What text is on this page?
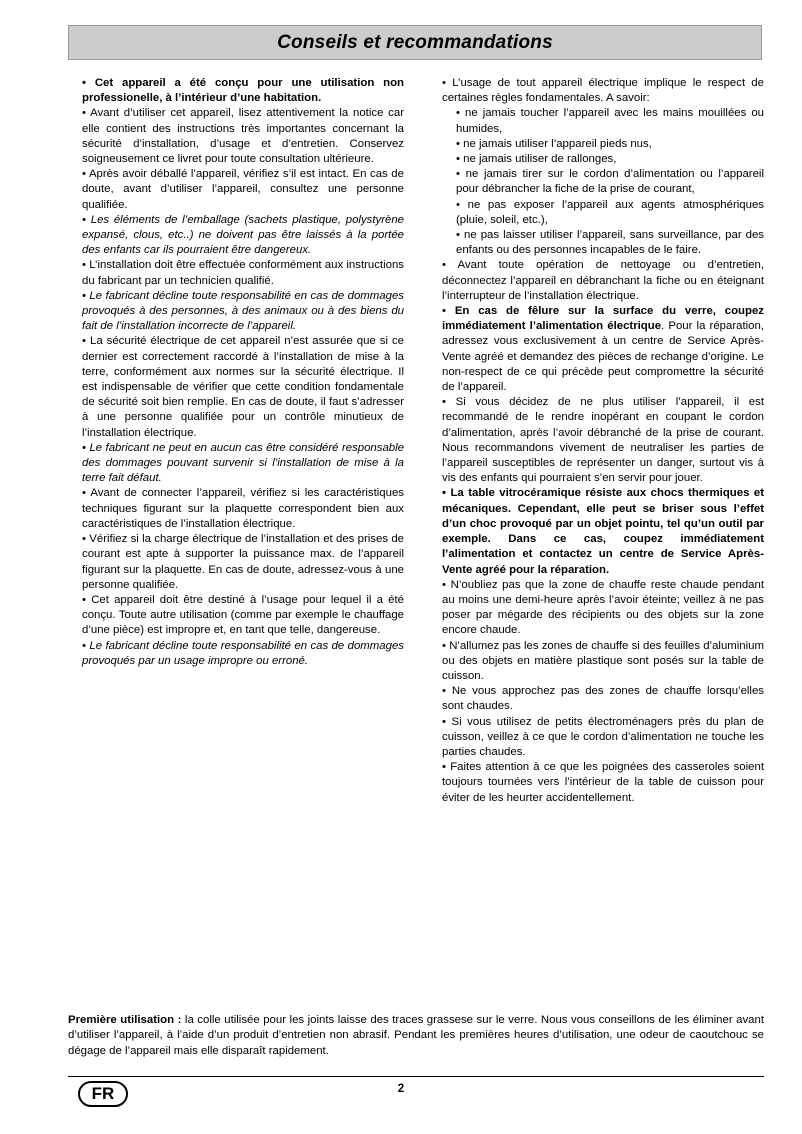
Conseils et recommandations

• Cet appareil a été conçu pour une utilisation non professionelle, à l’intérieur d’une habitation.

• Avant d’utiliser cet appareil, lisez attentivement la notice car elle contient des instructions très importantes concernant la sécurité d’installation, d’usage et d’entretien. Conservez soigneusement ce livret pour toute consultation ultérieure.

• Après avoir déballé l’appareil, vérifiez s’il est intact. En cas de doute, avant d’utiliser l’appareil, consultez une personne qualifiée.

• Les éléments de l’emballage (sachets plastique, polystyrène expansé, clous, etc..) ne doivent pas être laissés à la portée des enfants car ils pourraient être dangereux.

• L’installation doit être effectuée conformément aux instructions du fabricant par un technicien qualifié.

• Le fabricant décline toute responsabilité en cas de dommages provoqués à des personnes, à des animaux ou à des biens du fait de l’installation incorrecte de l’appareil.

• La sécurité électrique de cet appareil n’est assurée que si ce dernier est correctement raccordé à l’installation de mise à la terre, conformément aux normes sur la sécurité électrique. Il est indispensable de vérifier que cette condition fondamentale de sécurité soit bien remplie. En cas de doute, il faut s’adresser à une personne qualifiée pour un contrôle minutieux de l’installation électrique.

• Le fabricant ne peut en aucun cas être considéré responsable des dommages pouvant survenir si l’installation de mise à la terre fait défaut.

• Avant de connecter l’appareil, vérifiez si les caractéristiques techniques figurant sur la plaquette correspondent bien aux caractéristiques de l’installation électrique.

• Vérifiez si la charge électrique de l’installation et des prises de courant est apte à supporter la puissance max. de l’appareil figurant sur la plaquette. En cas de doute, adressez-vous à une personne qualifiée.

• Cet appareil doit être destiné à l’usage pour lequel il a été conçu. Toute autre utilisation (comme par exemple le chauffage d’une pièce) est impropre et, en tant que telle, dangereuse.

• Le fabricant décline toute responsabilité en cas de dommages provoqués par un usage impropre ou erroné.

• L’usage de tout appareil électrique implique le respect de certaines règles fondamentales. A savoir:

• ne jamais toucher l’appareil avec les mains mouillées ou humides,

• ne jamais utiliser l’appareil pieds nus,

• ne jamais utiliser de rallonges,

• ne jamais tirer sur le cordon d’alimentation ou l’appareil pour débrancher la fiche de la prise de courant,

• ne pas exposer l’appareil aux agents atmosphériques (pluie, soleil, etc.),

• ne pas laisser utiliser l’appareil, sans surveillance, par des enfants ou des personnes incapables de le faire.

• Avant toute opération de nettoyage ou d’entretien, déconnectez l’appareil en débranchant la fiche ou en éteignant l’interrupteur de l’installation électrique.

• En cas de fêlure sur la surface du verre, coupez immédiatement l’alimentation électrique. Pour la réparation, adressez vous exclusivement à un centre de Service Après-Vente agréé et demandez des pièces de rechange d’origine. Le non-respect de ce qui précède peut compromettre la sécurité de l’appareil.

• Si vous décidez de ne plus utiliser l’appareil, il est recommandé de le rendre inopérant en coupant le cordon d’alimentation, après l’avoir débranché de la prise de courant. Nous recommandons vivement de neutraliser les parties de l’appareil susceptibles de représenter un danger, surtout vis à vis des enfants qui pourraient s’en servir pour jouer.

• La table vitrocéramique résiste aux chocs thermiques et mécaniques. Cependant, elle peut se briser sous l’effet d’un choc provoqué par un objet pointu, tel qu’un outil par exemple. Dans ce cas, coupez immédiatement l’alimentation et contactez un centre de Service Après-Vente agréé pour la réparation.

• N’oubliez pas que la zone de chauffe reste chaude pendant au moins une demi-heure après l’avoir éteinte; veillez à ne pas poser par mégarde des récipients ou des objets sur la zone encore chaude.

• N’allumez pas les zones de chauffe si des feuilles d’aluminium ou des objets en matière plastique sont posés sur la table de cuisson.

• Ne vous approchez pas des zones de chauffe lorsqu’elles sont chaudes.

• Si vous utilisez de petits électroménagers près du plan de cuisson, veillez à ce que le cordon d’alimentation ne touche les parties chaudes.

• Faites attention à ce que les poignées des casseroles soient toujours tournées vers l’intérieur de la table de cuisson pour éviter de les heurter accidentellement.

Première utilisation : la colle utilisée pour les joints laisse des traces grassese sur le verre. Nous vous conseillons de les éliminer avant d’utiliser l’appareil, à l’aide d’un produit d’entretien non abrasif. Pendant les premières heures d’utilisation, une odeur de caoutchouc se dégage de l’appareil mais elle disparaît rapidement.
FR	2
